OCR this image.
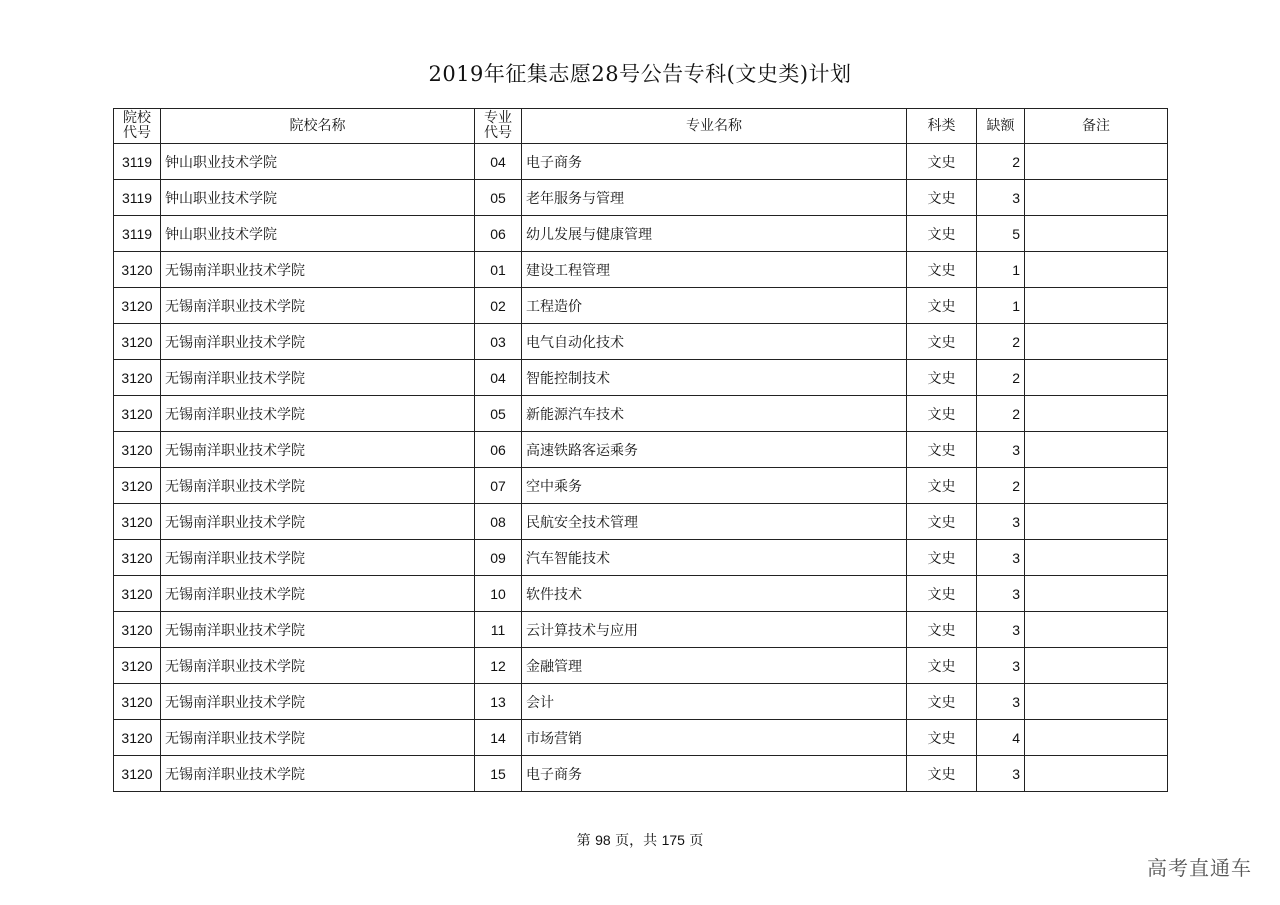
2019年征集志愿28号公告专科(文史类)计划
院校代号	院校名称	专业代号	专业名称	科类	缺额	备注
3119	钟山职业技术学院	04	电子商务	文史	2	
3119	钟山职业技术学院	05	老年服务与管理	文史	3	
3119	钟山职业技术学院	06	幼儿发展与健康管理	文史	5	
3120	无锡南洋职业技术学院	01	建设工程管理	文史	1	
3120	无锡南洋职业技术学院	02	工程造价	文史	1	
3120	无锡南洋职业技术学院	03	电气自动化技术	文史	2	
3120	无锡南洋职业技术学院	04	智能控制技术	文史	2	
3120	无锡南洋职业技术学院	05	新能源汽车技术	文史	2	
3120	无锡南洋职业技术学院	06	高速铁路客运乘务	文史	3	
3120	无锡南洋职业技术学院	07	空中乘务	文史	2	
3120	无锡南洋职业技术学院	08	民航安全技术管理	文史	3	
3120	无锡南洋职业技术学院	09	汽车智能技术	文史	3	
3120	无锡南洋职业技术学院	10	软件技术	文史	3	
3120	无锡南洋职业技术学院	11	云计算技术与应用	文史	3	
3120	无锡南洋职业技术学院	12	金融管理	文史	3	
3120	无锡南洋职业技术学院	13	会计	文史	3	
3120	无锡南洋职业技术学院	14	市场营销	文史	4	
3120	无锡南洋职业技术学院	15	电子商务	文史	3	
第 98 页，共 175 页
高考直通车
